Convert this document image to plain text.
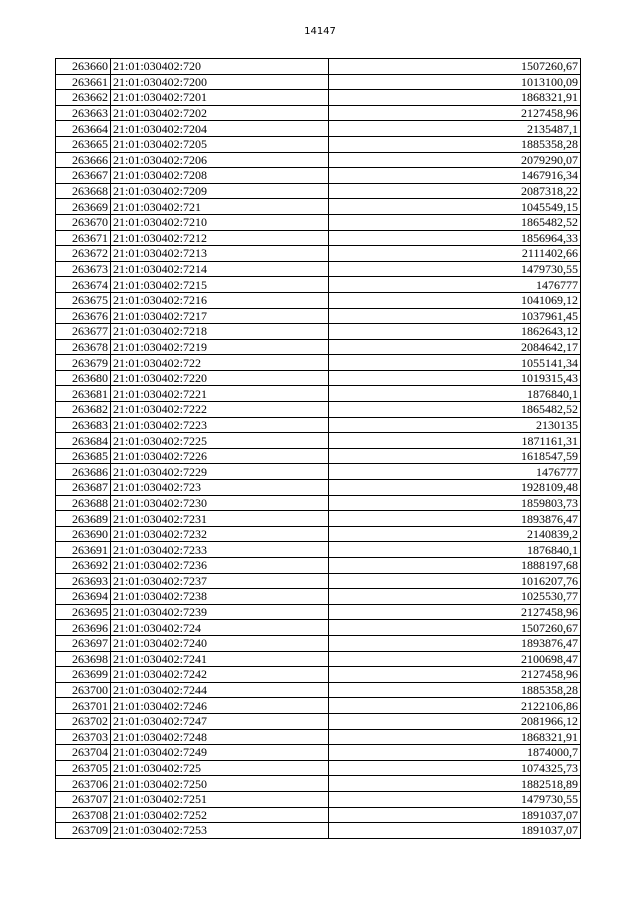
14147
263660	21:01:030402:720	1507260,67
263661	21:01:030402:7200	1013100,09
263662	21:01:030402:7201	1868321,91
263663	21:01:030402:7202	2127458,96
263664	21:01:030402:7204	2135487,1
263665	21:01:030402:7205	1885358,28
263666	21:01:030402:7206	2079290,07
263667	21:01:030402:7208	1467916,34
263668	21:01:030402:7209	2087318,22
263669	21:01:030402:721	1045549,15
263670	21:01:030402:7210	1865482,52
263671	21:01:030402:7212	1856964,33
263672	21:01:030402:7213	2111402,66
263673	21:01:030402:7214	1479730,55
263674	21:01:030402:7215	1476777
263675	21:01:030402:7216	1041069,12
263676	21:01:030402:7217	1037961,45
263677	21:01:030402:7218	1862643,12
263678	21:01:030402:7219	2084642,17
263679	21:01:030402:722	1055141,34
263680	21:01:030402:7220	1019315,43
263681	21:01:030402:7221	1876840,1
263682	21:01:030402:7222	1865482,52
263683	21:01:030402:7223	2130135
263684	21:01:030402:7225	1871161,31
263685	21:01:030402:7226	1618547,59
263686	21:01:030402:7229	1476777
263687	21:01:030402:723	1928109,48
263688	21:01:030402:7230	1859803,73
263689	21:01:030402:7231	1893876,47
263690	21:01:030402:7232	2140839,2
263691	21:01:030402:7233	1876840,1
263692	21:01:030402:7236	1888197,68
263693	21:01:030402:7237	1016207,76
263694	21:01:030402:7238	1025530,77
263695	21:01:030402:7239	2127458,96
263696	21:01:030402:724	1507260,67
263697	21:01:030402:7240	1893876,47
263698	21:01:030402:7241	2100698,47
263699	21:01:030402:7242	2127458,96
263700	21:01:030402:7244	1885358,28
263701	21:01:030402:7246	2122106,86
263702	21:01:030402:7247	2081966,12
263703	21:01:030402:7248	1868321,91
263704	21:01:030402:7249	1874000,7
263705	21:01:030402:725	1074325,73
263706	21:01:030402:7250	1882518,89
263707	21:01:030402:7251	1479730,55
263708	21:01:030402:7252	1891037,07
263709	21:01:030402:7253	1891037,07
